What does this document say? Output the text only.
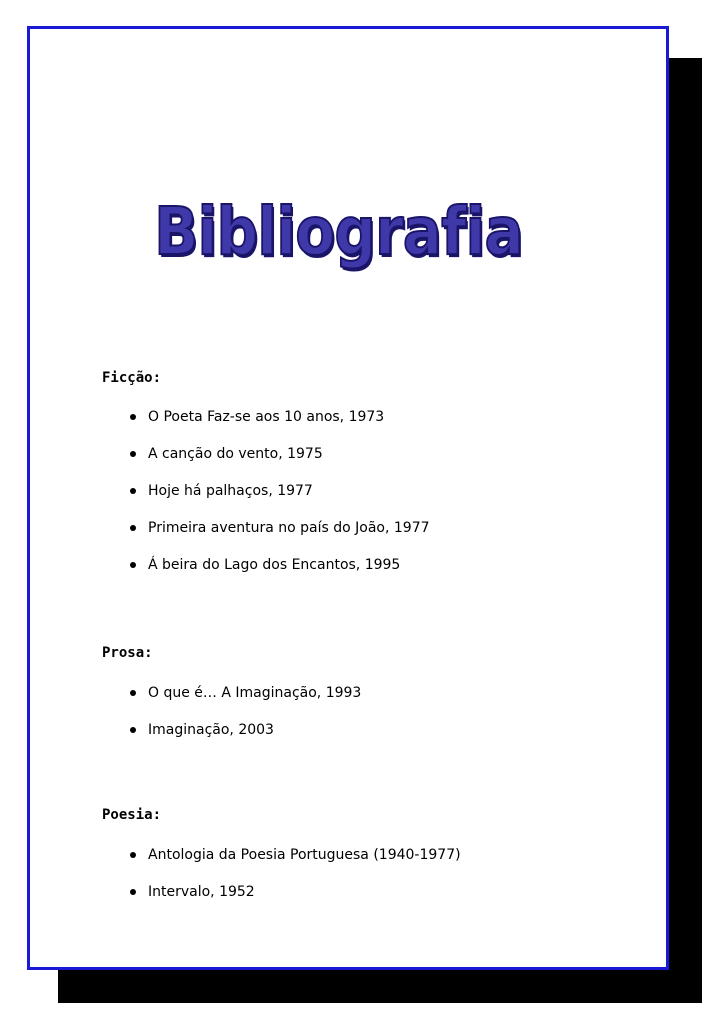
Bibliografia
Ficção:
O Poeta Faz-se aos 10 anos, 1973
A canção do vento, 1975
Hoje há palhaços, 1977
Primeira aventura no país do João, 1977
Á beira do Lago dos Encantos, 1995
Prosa:
O que é… A Imaginação, 1993
Imaginação, 2003
Poesia:
Antologia da Poesia Portuguesa (1940-1977)
Intervalo, 1952
